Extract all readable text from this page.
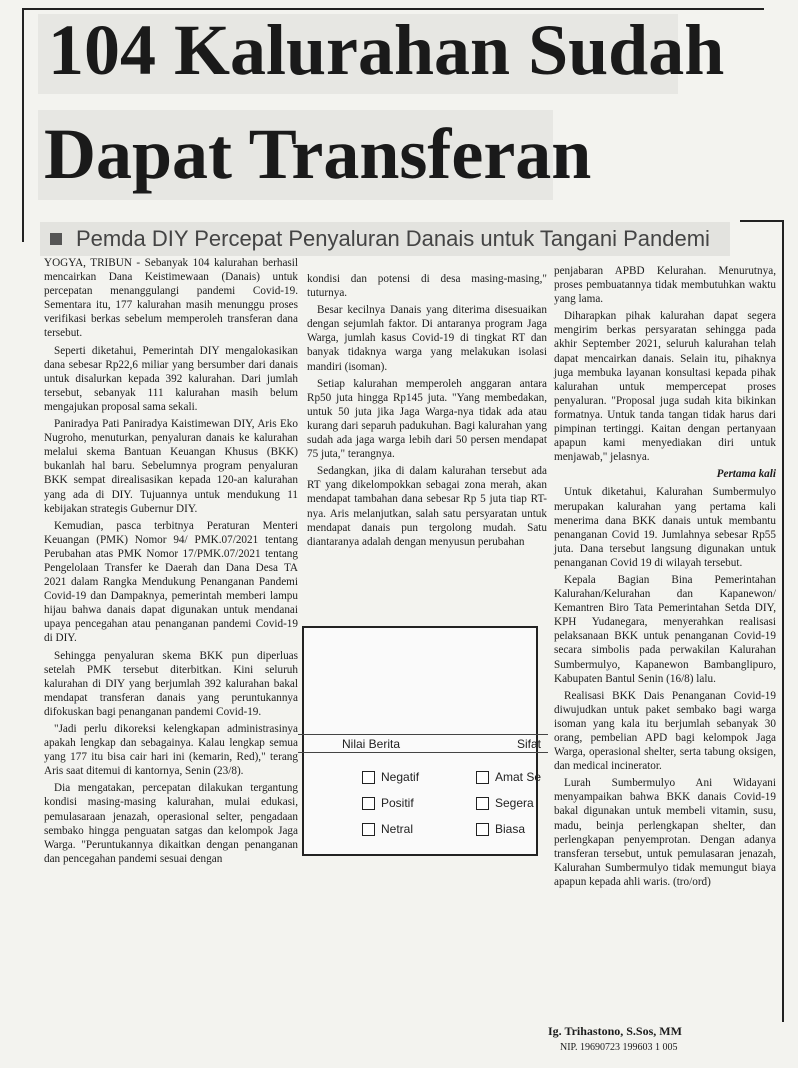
104 Kalurahan Sudah
Dapat Transferan
Pemda DIY Percepat Penyaluran Danais untuk Tangani Pandemi

YOGYA, TRIBUN - Sebanyak 104 kalurahan berhasil mencairkan Dana Keistimewaan (Danais) untuk percepatan menanggulangi pandemi Covid-19. Sementara itu, 177 kalurahan masih menunggu proses verifikasi berkas sebelum memperoleh transferan dana tersebut.

Seperti diketahui, Pemerintah DIY mengalokasikan dana sebesar Rp22,6 miliar yang bersumber dari danais untuk disalurkan kepada 392 kalurahan. Dari jumlah tersebut, sebanyak 111 kalurahan masih belum mengajukan proposal sama sekali.

Paniradya Pati Paniradya Kaistimewan DIY, Aris Eko Nugroho, menuturkan, penyaluran danais ke kalurahan melalui skema Bantuan Keuangan Khusus (BKK) bukanlah hal baru. Sebelumnya program penyaluran BKK sempat direalisasikan kepada 120-an kalurahan yang ada di DIY. Tujuannya untuk mendukung 11 kebijakan strategis Gubernur DIY.

Kemudian, pasca terbitnya Peraturan Menteri Keuangan (PMK) Nomor 94/ PMK.07/2021 tentang Perubahan atas PMK Nomor 17/PMK.07/2021 tentang Pengelolaan Transfer ke Daerah dan Dana Desa TA 2021 dalam Rangka Mendukung Penanganan Pandemi Covid-19 dan Dampaknya, pemerintah memberi lampu hijau bahwa danais dapat digunakan untuk mendanai upaya pencegahan atau penanganan pandemi Covid-19 di DIY.

Sehingga penyaluran skema BKK pun diperluas setelah PMK tersebut diterbitkan. Kini seluruh kalurahan di DIY yang berjumlah 392 kalurahan bakal mendapat transferan danais yang peruntukannya difokuskan bagi penanganan pandemi Covid-19.

"Jadi perlu dikoreksi kelengkapan administrasinya apakah lengkap dan sebagainya. Kalau lengkap semua yang 177 itu bisa cair hari ini (kemarin, Red)," terang Aris saat ditemui di kantornya, Senin (23/8).

Dia mengatakan, percepatan dilakukan tergantung kondisi masing-masing kalurahan, mulai edukasi, pemulasaraan jenazah, operasional selter, pengadaan sembako hingga penguatan satgas dan kelompok Jaga Warga. "Peruntukannya dikaitkan dengan penanganan dan pencegahan pandemi sesuai dengan

kondisi dan potensi di desa masing-masing," tuturnya.

Besar kecilnya Danais yang diterima disesuaikan dengan sejumlah faktor. Di antaranya program Jaga Warga, jumlah kasus Covid-19 di tingkat RT dan banyak tidaknya warga yang melakukan isolasi mandiri (isoman).

Setiap kalurahan memperoleh anggaran antara Rp50 juta hingga Rp145 juta. "Yang membedakan, untuk 50 juta jika Jaga Warga-nya tidak ada atau kurang dari separuh padukuhan. Bagi kalurahan yang sudah ada jaga warga lebih dari 50 persen mendapat 75 juta," terangnya.

Sedangkan, jika di dalam kalurahan tersebut ada RT yang dikelompokkan sebagai zona merah, akan mendapat tambahan dana sebesar Rp 5 juta tiap RT-nya. Aris melanjutkan, salah satu persyaratan untuk mendapat danais pun tergolong mudah. Satu diantaranya adalah dengan menyusun perubahan

penjabaran APBD Kelurahan. Menurutnya, proses pembuatannya tidak membutuhkan waktu yang lama.

Diharapkan pihak kalurahan dapat segera mengirim berkas persyaratan sehingga pada akhir September 2021, seluruh kalurahan telah dapat mencairkan danais. Selain itu, pihaknya juga membuka layanan konsultasi kepada pihak kalurahan untuk mempercepat proses penyaluran. "Proposal juga sudah kita bikinkan formatnya. Untuk tanda tangan tidak harus dari pimpinan tertinggi. Kaitan dengan pertanyaan apapun kami menyediakan diri untuk menjawab," jelasnya.

Pertama kali

Untuk diketahui, Kalurahan Sumbermulyo merupakan kalurahan yang pertama kali menerima dana BKK danais untuk membantu penanganan Covid 19. Jumlahnya sebesar Rp55 juta. Dana tersebut langsung digunakan untuk penanganan Covid 19 di wilayah tersebut.

Kepala Bagian Bina Pemerintahan Kalurahan/Kelurahan dan Kapanewon/ Kemantren Biro Tata Pemerintahan Setda DIY, KPH Yudanegara, menyerahkan realisasi pelaksanaan BKK untuk penanganan Covid-19 secara simbolis pada perwakilan Kalurahan Sumbermulyo, Kapanewon Bambanglipuro, Kabupaten Bantul Senin (16/8) lalu.

Realisasi BKK Dais Penanganan Covid-19 diwujudkan untuk paket sembako bagi warga isoman yang kala itu berjumlah sebanyak 30 orang, pembelian APD bagi kelompok Jaga Warga, operasional shelter, serta tabung oksigen, dan medical incinerator.

Lurah Sumbermulyo Ani Widayani menyampaikan bahwa BKK danais Covid-19 bakal digunakan untuk membeli vitamin, susu, madu, beinja perlengkapan shelter, dan perlengkapan penyemprotan. Dengan adanya transferan tersebut, untuk pemulasaran jenazah, Kalurahan Sumbermulyo tidak memungut biaya apapun kepada ahli waris. (tro/ord)

Nilai Berita	Sifat
Negatif
Positif
Netral
Amat Se
Segera
Biasa
Ig. Trihastono, S.Sos, MM
NIP. 19690723 199603 1 005
